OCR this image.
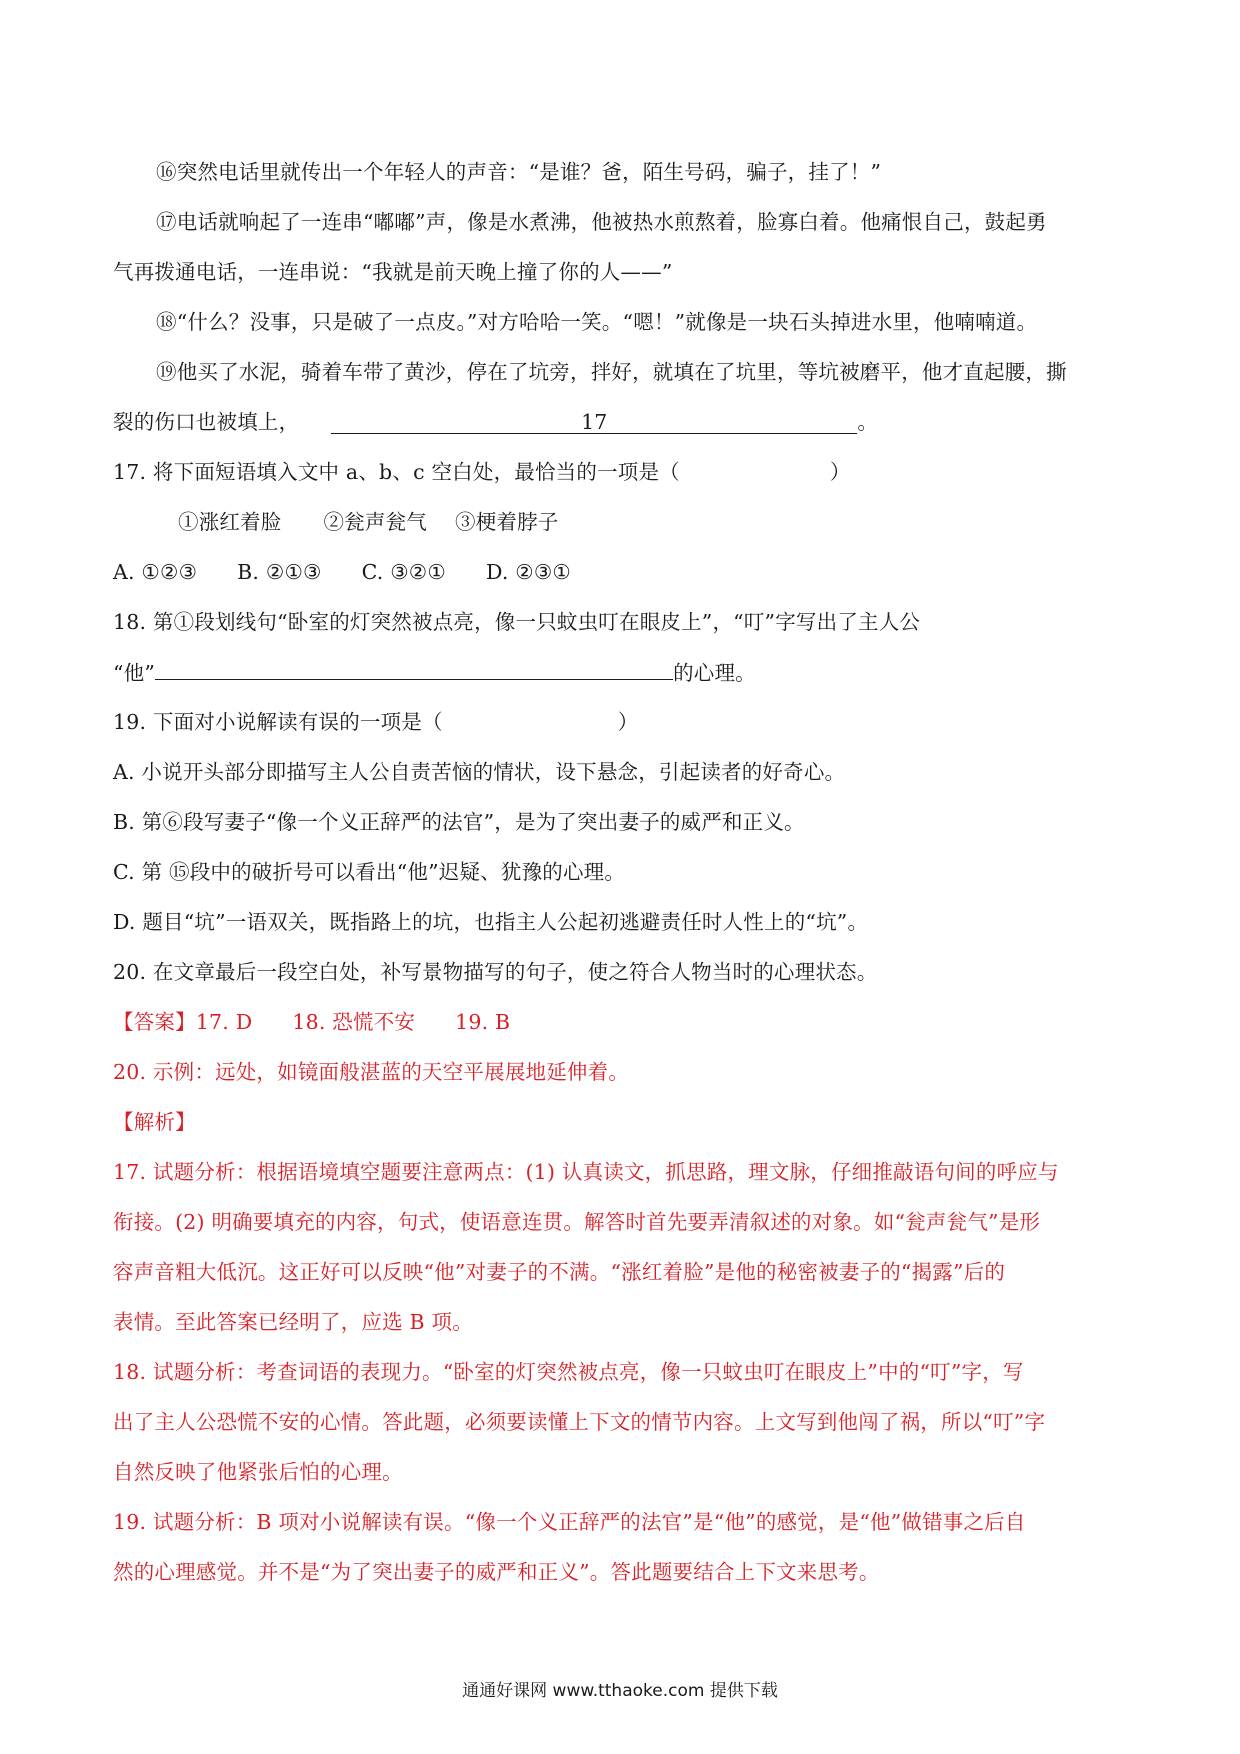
⑯突然电话里就传出一个年轻人的声音：“是谁？爸，陌生号码，骗子，挂了！”
⑰电话就响起了一连串“嘟嘟”声，像是水煮沸，他被热水煎熬着，脸寡白着。他痛恨自己，鼓起勇
气再拨通电话，一连串说：“我就是前天晚上撞了你的人——”
⑱“什么？没事，只是破了一点皮。”对方哈哈一笑。“嗯！”就像是一块石头掉进水里，他喃喃道。
⑲他买了水泥，骑着车带了黄沙，停在了坑旁，拌好，就填在了坑里，等坑被磨平，他才直起腰，撕
裂的伤口也被填上，	17	。
17. 将下面短语填入文中 a、b、c 空白处，最恰当的一项是（	）
①涨红着脸 ②瓮声瓮气 ③梗着脖子
A. ①②③ B. ②①③ C. ③②① D. ②③①
18. 第①段划线句“卧室的灯突然被点亮，像一只蚊虫叮在眼皮上”，“叮”字写出了主人公
“他”	的心理。
19. 下面对小说解读有误的一项是（	）
A. 小说开头部分即描写主人公自责苦恼的情状，设下悬念，引起读者的好奇心。
B. 第⑥段写妻子“像一个义正辞严的法官”，是为了突出妻子的威严和正义。
C. 第 ⑮段中的破折号可以看出“他”迟疑、犹豫的心理。
D. 题目“坑”一语双关，既指路上的坑，也指主人公起初逃避责任时人性上的“坑”。
20. 在文章最后一段空白处，补写景物描写的句子，使之符合人物当时的心理状态。
【答案】17. D 18. 恐慌不安 19. B
20. 示例：远处，如镜面般湛蓝的天空平展展地延伸着。
【解析】
17. 试题分析：根据语境填空题要注意两点：(1) 认真读文，抓思路，理文脉，仔细推敲语句间的呼应与
衔接。(2) 明确要填充的内容，句式，使语意连贯。解答时首先要弄清叙述的对象。如“瓮声瓮气”是形
容声音粗大低沉。这正好可以反映“他”对妻子的不满。“涨红着脸”是他的秘密被妻子的“揭露”后的
表情。至此答案已经明了，应选 B 项。
18. 试题分析：考查词语的表现力。“卧室的灯突然被点亮，像一只蚊虫叮在眼皮上”中的“叮”字，写
出了主人公恐慌不安的心情。答此题，必须要读懂上下文的情节内容。上文写到他闯了祸，所以“叮”字
自然反映了他紧张后怕的心理。
19. 试题分析：B 项对小说解读有误。“像一个义正辞严的法官”是“他”的感觉，是“他”做错事之后自
然的心理感觉。并不是“为了突出妻子的威严和正义”。答此题要结合上下文来思考。
通通好课网 www.tthaoke.com 提供下载
